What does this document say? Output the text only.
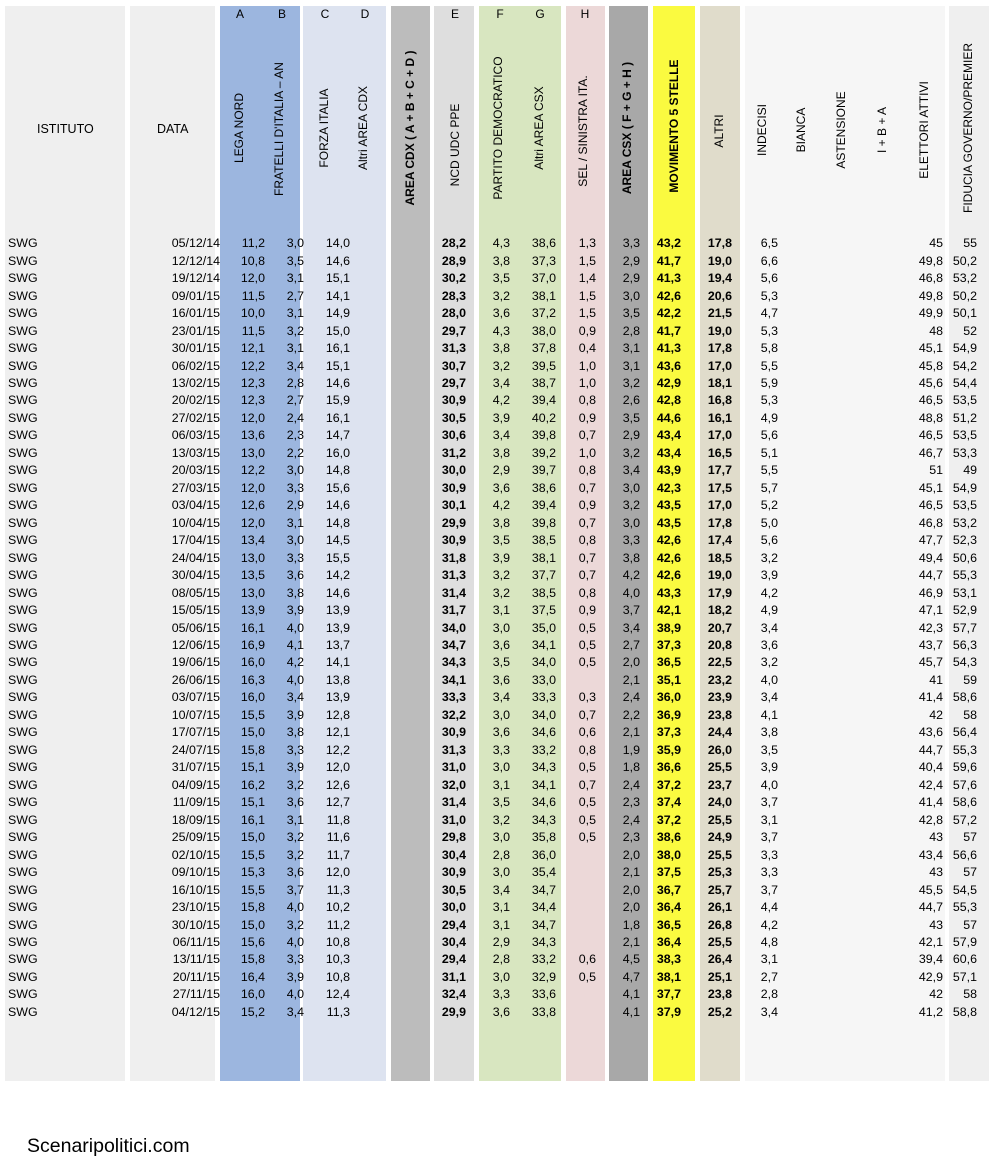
A	B	C	D	E	F	G	H
ISTITUTO	DATA	LEGA NORD FRATELLI D'ITALIA – AN	FORZA ITALIA Altri AREA CDX	AREA CDX ( A + B + C + D )	NCD UDC PPE PARTITO DEMOCRATICO Altri AREA CSX	SEL / SINISTRA ITA.	AREA CSX ( F + G + H )	MOVIMENTO 5 STELLE	ALTRI INDECISI BIANCA ASTENSIONE I + B + A ELETTORI ATTIVI	FIDUCIA GOVERNO/PREMIER
SWG	05/12/14	11,2	3,0	14,0		28,2	4,3	38,6	1,3	3,3	43,2	17,8	6,5	45	55
SWG	12/12/14	10,8	3,5	14,6		28,9	3,8	37,3	1,5	2,9	41,7	19,0	6,6	49,8	50,2
SWG	19/12/14	12,0	3,1	15,1		30,2	3,5	37,0	1,4	2,9	41,3	19,4	5,6	46,8	53,2
SWG	09/01/15	11,5	2,7	14,1		28,3	3,2	38,1	1,5	3,0	42,6	20,6	5,3	49,8	50,2
SWG	16/01/15	10,0	3,1	14,9		28,0	3,6	37,2	1,5	3,5	42,2	21,5	4,7	49,9	50,1
SWG	23/01/15	11,5	3,2	15,0		29,7	4,3	38,0	0,9	2,8	41,7	19,0	5,3	48	52
SWG	30/01/15	12,1	3,1	16,1		31,3	3,8	37,8	0,4	3,1	41,3	17,8	5,8	45,1	54,9
SWG	06/02/15	12,2	3,4	15,1		30,7	3,2	39,5	1,0	3,1	43,6	17,0	5,5	45,8	54,2
SWG	13/02/15	12,3	2,8	14,6		29,7	3,4	38,7	1,0	3,2	42,9	18,1	5,9	45,6	54,4
SWG	20/02/15	12,3	2,7	15,9		30,9	4,2	39,4	0,8	2,6	42,8	16,8	5,3	46,5	53,5
SWG	27/02/15	12,0	2,4	16,1		30,5	3,9	40,2	0,9	3,5	44,6	16,1	4,9	48,8	51,2
SWG	06/03/15	13,6	2,3	14,7		30,6	3,4	39,8	0,7	2,9	43,4	17,0	5,6	46,5	53,5
SWG	13/03/15	13,0	2,2	16,0		31,2	3,8	39,2	1,0	3,2	43,4	16,5	5,1	46,7	53,3
SWG	20/03/15	12,2	3,0	14,8		30,0	2,9	39,7	0,8	3,4	43,9	17,7	5,5	51	49
SWG	27/03/15	12,0	3,3	15,6		30,9	3,6	38,6	0,7	3,0	42,3	17,5	5,7	45,1	54,9
SWG	03/04/15	12,6	2,9	14,6		30,1	4,2	39,4	0,9	3,2	43,5	17,0	5,2	46,5	53,5
SWG	10/04/15	12,0	3,1	14,8		29,9	3,8	39,8	0,7	3,0	43,5	17,8	5,0	46,8	53,2
SWG	17/04/15	13,4	3,0	14,5		30,9	3,5	38,5	0,8	3,3	42,6	17,4	5,6	47,7	52,3
SWG	24/04/15	13,0	3,3	15,5		31,8	3,9	38,1	0,7	3,8	42,6	18,5	3,2	49,4	50,6
SWG	30/04/15	13,5	3,6	14,2		31,3	3,2	37,7	0,7	4,2	42,6	19,0	3,9	44,7	55,3
SWG	08/05/15	13,0	3,8	14,6		31,4	3,2	38,5	0,8	4,0	43,3	17,9	4,2	46,9	53,1
SWG	15/05/15	13,9	3,9	13,9		31,7	3,1	37,5	0,9	3,7	42,1	18,2	4,9	47,1	52,9
SWG	05/06/15	16,1	4,0	13,9		34,0	3,0	35,0	0,5	3,4	38,9	20,7	3,4	42,3	57,7
SWG	12/06/15	16,9	4,1	13,7		34,7	3,6	34,1	0,5	2,7	37,3	20,8	3,6	43,7	56,3
SWG	19/06/15	16,0	4,2	14,1		34,3	3,5	34,0	0,5	2,0	36,5	22,5	3,2	45,7	54,3
SWG	26/06/15	16,3	4,0	13,8		34,1	3,6	33,0		2,1	35,1	23,2	4,0	41	59
SWG	03/07/15	16,0	3,4	13,9		33,3	3,4	33,3	0,3	2,4	36,0	23,9	3,4	41,4	58,6
SWG	10/07/15	15,5	3,9	12,8		32,2	3,0	34,0	0,7	2,2	36,9	23,8	4,1	42	58
SWG	17/07/15	15,0	3,8	12,1		30,9	3,6	34,6	0,6	2,1	37,3	24,4	3,8	43,6	56,4
SWG	24/07/15	15,8	3,3	12,2		31,3	3,3	33,2	0,8	1,9	35,9	26,0	3,5	44,7	55,3
SWG	31/07/15	15,1	3,9	12,0		31,0	3,0	34,3	0,5	1,8	36,6	25,5	3,9	40,4	59,6
SWG	04/09/15	16,2	3,2	12,6		32,0	3,1	34,1	0,7	2,4	37,2	23,7	4,0	42,4	57,6
SWG	11/09/15	15,1	3,6	12,7		31,4	3,5	34,6	0,5	2,3	37,4	24,0	3,7	41,4	58,6
SWG	18/09/15	16,1	3,1	11,8		31,0	3,2	34,3	0,5	2,4	37,2	25,5	3,1	42,8	57,2
SWG	25/09/15	15,0	3,2	11,6		29,8	3,0	35,8	0,5	2,3	38,6	24,9	3,7	43	57
SWG	02/10/15	15,5	3,2	11,7		30,4	2,8	36,0		2,0	38,0	25,5	3,3	43,4	56,6
SWG	09/10/15	15,3	3,6	12,0		30,9	3,0	35,4		2,1	37,5	25,3	3,3	43	57
SWG	16/10/15	15,5	3,7	11,3		30,5	3,4	34,7		2,0	36,7	25,7	3,7	45,5	54,5
SWG	23/10/15	15,8	4,0	10,2		30,0	3,1	34,4		2,0	36,4	26,1	4,4	44,7	55,3
SWG	30/10/15	15,0	3,2	11,2		29,4	3,1	34,7		1,8	36,5	26,8	4,2	43	57
SWG	06/11/15	15,6	4,0	10,8		30,4	2,9	34,3		2,1	36,4	25,5	4,8	42,1	57,9
SWG	13/11/15	15,8	3,3	10,3		29,4	2,8	33,2	0,6	4,5	38,3	26,4	3,1	39,4	60,6
SWG	20/11/15	16,4	3,9	10,8		31,1	3,0	32,9	0,5	4,7	38,1	25,1	2,7	42,9	57,1
SWG	27/11/15	16,0	4,0	12,4		32,4	3,3	33,6		4,1	37,7	23,8	2,8	42	58
SWG	04/12/15	15,2	3,4	11,3		29,9	3,6	33,8		4,1	37,9	25,2	3,4	41,2	58,8
Scenaripolitici.com
